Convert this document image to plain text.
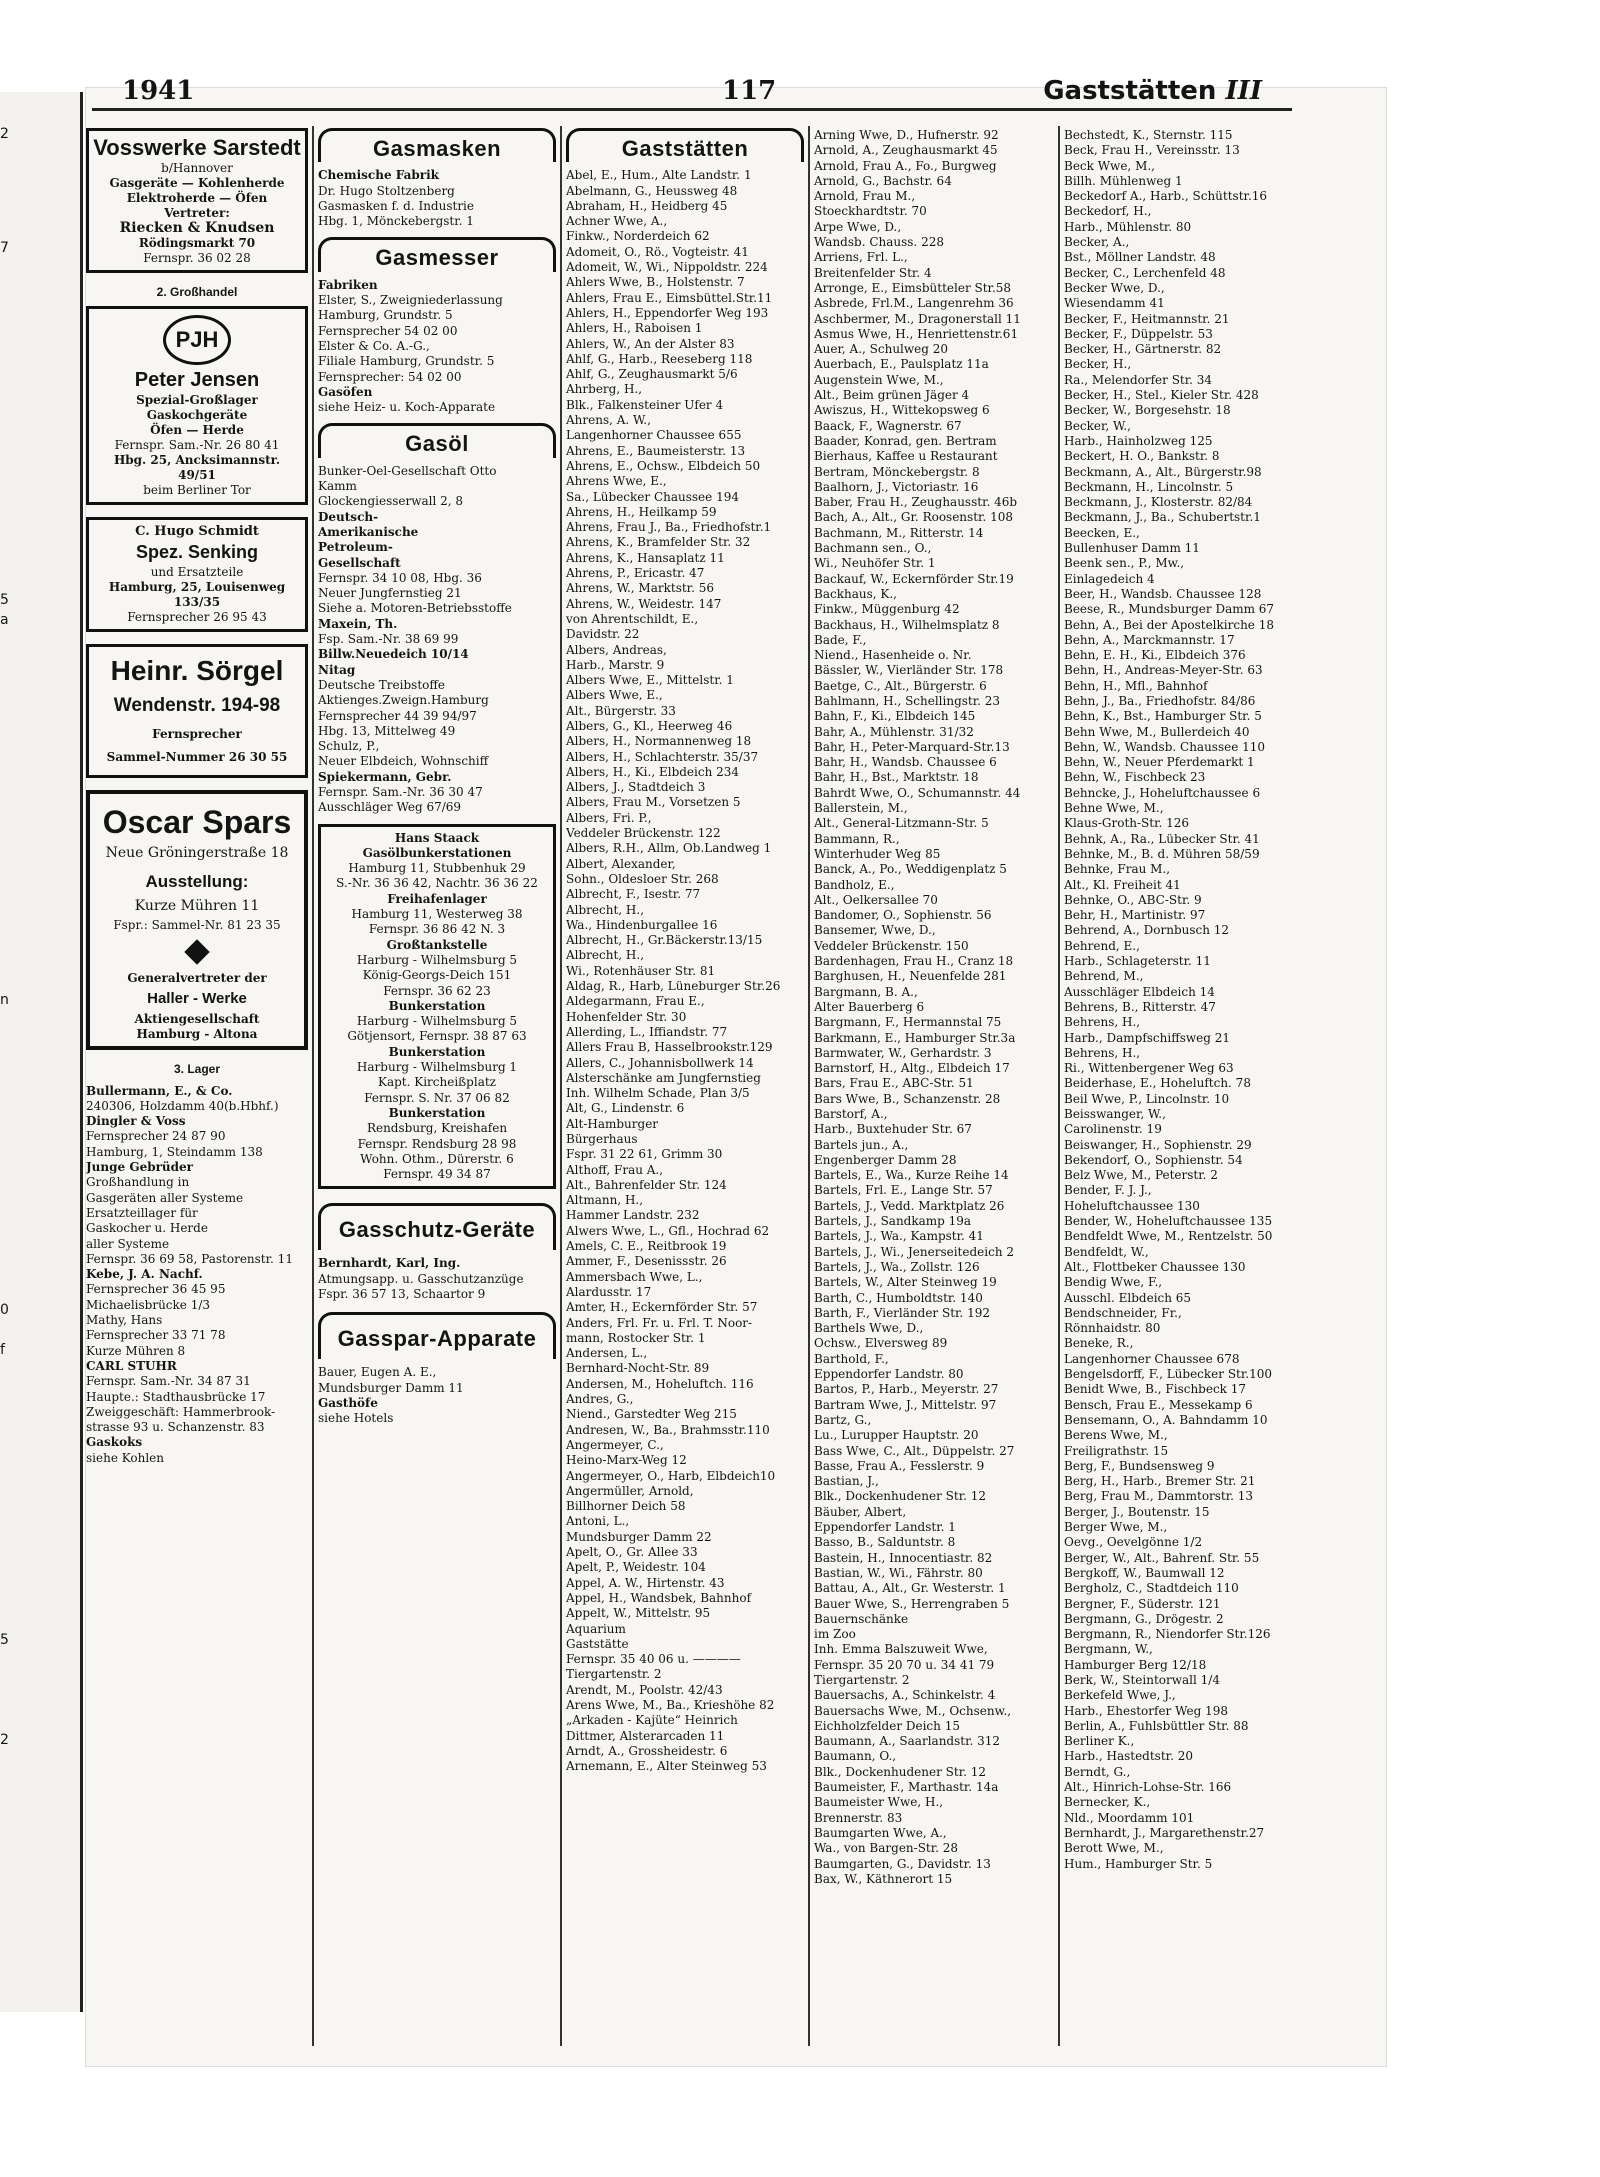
2
7
5
a
n
0
f
5
2
1941	117	Gaststätten III
Vosswerke Sarstedt
b/Hannover
Gasgeräte — Kohlenherde
Elektroherde — Öfen
Vertreter:
Riecken & Knudsen
Rödingsmarkt 70
Fernspr. 36 02 28
2. Großhandel
PJH
Peter Jensen
Spezial-Großlager
Gaskochgeräte
Öfen — Herde
Fernspr. Sam.-Nr. 26 80 41
Hbg. 25, Ancksimannstr. 49/51
beim Berliner Tor
C. Hugo Schmidt
Spez. Senking
und Ersatzteile
Hamburg, 25, Louisenweg 133/35
Fernsprecher 26 95 43
Heinr. Sörgel
Wendenstr. 194-98
Fernsprecher
Sammel-Nummer 26 30 55
Oscar Spars
Neue Gröningerstraße 18
Ausstellung:
Kurze Mühren 11
Fspr.: Sammel-Nr. 81 23 35
Generalvertreter der
Haller - Werke
Aktiengesellschaft
Hamburg - Altona
3. Lager
Bullermann, E., & Co.
240306, Holzdamm 40(b.Hbhf.)
Dingler & Voss
Fernsprecher 24 87 90
Hamburg, 1, Steindamm 138
Junge Gebrüder
Großhandlung in
Gasgeräten aller Systeme
Ersatzteillager für
Gaskocher u. Herde
aller Systeme
Fernspr. 36 69 58, Pastorenstr. 11
Kebe, J. A. Nachf.
Fernsprecher 36 45 95
Michaelisbrücke 1/3
Mathy, Hans
Fernsprecher 33 71 78
Kurze Mühren 8
CARL STUHR
Fernspr. Sam.-Nr. 34 87 31
Haupte.: Stadthausbrücke 17
Zweiggeschäft: Hammerbrook-
strasse 93 u. Schanzenstr. 83
Gaskoks
siehe Kohlen
Gasmasken
Chemische Fabrik
Dr. Hugo Stoltzenberg
Gasmasken f. d. Industrie
Hbg. 1, Mönckebergstr. 1
Gasmesser
Fabriken
Elster, S., Zweigniederlassung
Hamburg, Grundstr. 5
Fernsprecher 54 02 00
Elster & Co. A.-G.,
Filiale Hamburg, Grundstr. 5
Fernsprecher: 54 02 00
Gasöfen
siehe Heiz- u. Koch-Apparate
Gasöl
Bunker-Oel-Gesellschaft Otto
Kamm
Glockengiesserwall 2, 8
Deutsch-
Amerikanische
Petroleum-
Gesellschaft
Fernspr. 34 10 08, Hbg. 36
Neuer Jungfernstieg 21
Siehe a. Motoren-Betriebsstoffe
Maxein, Th.
Fsp. Sam.-Nr. 38 69 99
Billw.Neuedeich 10/14
Nitag
Deutsche Treibstoffe
Aktienges.Zweign.Hamburg
Fernsprecher 44 39 94/97
Hbg. 13, Mittelweg 49
Schulz, P.,
Neuer Elbdeich, Wohnschiff
Spiekermann, Gebr.
Fernspr. Sam.-Nr. 36 30 47
Ausschläger Weg 67/69
Hans Staack
Gasölbunkerstationen
Hamburg 11, Stubbenhuk 29
S.-Nr. 36 36 42, Nachtr. 36 36 22
Freihafenlager
Hamburg 11, Westerweg 38
Fernspr. 36 86 42 N. 3
Großtankstelle
Harburg - Wilhelmsburg 5
König-Georgs-Deich 151
Fernspr. 36 62 23
Bunkerstation
Harburg - Wilhelmsburg 5
Götjensort, Fernspr. 38 87 63
Bunkerstation
Harburg - Wilhelmsburg 1
Kapt. Kircheißplatz
Fernspr. S. Nr. 37 06 82
Bunkerstation
Rendsburg, Kreishafen
Fernspr. Rendsburg 28 98
Wohn. Othm., Dürerstr. 6
Fernspr. 49 34 87
Gasschutz-Geräte
Bernhardt, Karl, Ing.
Atmungsapp. u. Gasschutzanzüge
Fspr. 36 57 13, Schaartor 9
Gasspar-Apparate
Bauer, Eugen A. E.,
Mundsburger Damm 11
Gasthöfe
siehe Hotels
Gaststätten
Abel, E., Hum., Alte Landstr. 1
Abelmann, G., Heussweg 48
Abraham, H., Heidberg 45
Achner Wwe, A.,
Finkw., Norderdeich 62
Adomeit, O., Rö., Vogteistr. 41
Adomeit, W., Wi., Nippoldstr. 224
Ahlers Wwe, B., Holstenstr. 7
Ahlers, Frau E., Eimsbüttel.Str.11
Ahlers, H., Eppendorfer Weg 193
Ahlers, H., Raboisen 1
Ahlers, W., An der Alster 83
Ahlf, G., Harb., Reeseberg 118
Ahlf, G., Zeughausmarkt 5/6
Ahrberg, H.,
Blk., Falkensteiner Ufer 4
Ahrens, A. W.,
Langenhorner Chaussee 655
Ahrens, E., Baumeisterstr. 13
Ahrens, E., Ochsw., Elbdeich 50
Ahrens Wwe, E.,
Sa., Lübecker Chaussee 194
Ahrens, H., Heilkamp 59
Ahrens, Frau J., Ba., Friedhofstr.1
Ahrens, K., Bramfelder Str. 32
Ahrens, K., Hansaplatz 11
Ahrens, P., Ericastr. 47
Ahrens, W., Marktstr. 56
Ahrens, W., Weidestr. 147
von Ahrentschildt, E.,
Davidstr. 22
Albers, Andreas,
Harb., Marstr. 9
Albers Wwe, E., Mittelstr. 1
Albers Wwe, E.,
Alt., Bürgerstr. 33
Albers, G., Kl., Heerweg 46
Albers, H., Normannenweg 18
Albers, H., Schlachterstr. 35/37
Albers, H., Ki., Elbdeich 234
Albers, J., Stadtdeich 3
Albers, Frau M., Vorsetzen 5
Albers, Fri. P.,
Veddeler Brückenstr. 122
Albers, R.H., Allm, Ob.Landweg 1
Albert, Alexander,
Sohn., Oldesloer Str. 268
Albrecht, F., Isestr. 77
Albrecht, H.,
Wa., Hindenburgallee 16
Albrecht, H., Gr.Bäckerstr.13/15
Albrecht, H.,
Wi., Rotenhäuser Str. 81
Aldag, R., Harb, Lüneburger Str.26
Aldegarmann, Frau E.,
Hohenfelder Str. 30
Allerding, L., Iffiandstr. 77
Allers Frau B, Hasselbrookstr.129
Allers, C., Johannisbollwerk 14
Alsterschänke am Jungfernstieg
Inh. Wilhelm Schade, Plan 3/5
Alt, G., Lindenstr. 6
Alt-Hamburger
Bürgerhaus
Fspr. 31 22 61, Grimm 30
Althoff, Frau A.,
Alt., Bahrenfelder Str. 124
Altmann, H.,
Hammer Landstr. 232
Alwers Wwe, L., Gfl., Hochrad 62
Amels, C. E., Reitbrook 19
Ammer, F., Desenissstr. 26
Ammersbach Wwe, L.,
Alardusstr. 17
Amter, H., Eckernförder Str. 57
Anders, Frl. Fr. u. Frl. T. Noor-
mann, Rostocker Str. 1
Andersen, L.,
Bernhard-Nocht-Str. 89
Andersen, M., Hoheluftch. 116
Andres, G.,
Niend., Garstedter Weg 215
Andresen, W., Ba., Brahmsstr.110
Angermeyer, C.,
Heino-Marx-Weg 12
Angermeyer, O., Harb, Elbdeich10
Angermüller, Arnold,
Billhorner Deich 58
Antoni, L.,
Mundsburger Damm 22
Apelt, O., Gr. Allee 33
Apelt, P., Weidestr. 104
Appel, A. W., Hirtenstr. 43
Appel, H., Wandsbek, Bahnhof
Appelt, W., Mittelstr. 95
Aquarium
Gaststätte
Fernspr. 35 40 06 u. ————
Tiergartenstr. 2
Arendt, M., Poolstr. 42/43
Arens Wwe, M., Ba., Krieshöhe 82
„Arkaden - Kajüte“ Heinrich
Dittmer, Alsterarcaden 11
Arndt, A., Grossheidestr. 6
Arnemann, E., Alter Steinweg 53
Arning Wwe, D., Hufnerstr. 92
Arnold, A., Zeughausmarkt 45
Arnold, Frau A., Fo., Burgweg
Arnold, G., Bachstr. 64
Arnold, Frau M.,
Stoeckhardtstr. 70
Arpe Wwe, D.,
Wandsb. Chauss. 228
Arriens, Frl. L.,
Breitenfelder Str. 4
Arronge, E., Eimsbütteler Str.58
Asbrede, Frl.M., Langenrehm 36
Aschbermer, M., Dragonerstall 11
Asmus Wwe, H., Henriettenstr.61
Auer, A., Schulweg 20
Auerbach, E., Paulsplatz 11a
Augenstein Wwe, M.,
Alt., Beim grünen Jäger 4
Awiszus, H., Wittekopsweg 6
Baack, F., Wagnerstr. 67
Baader, Konrad, gen. Bertram
Bierhaus, Kaffee u Restaurant
Bertram, Mönckebergstr. 8
Baalhorn, J., Victoriastr. 16
Baber, Frau H., Zeughausstr. 46b
Bach, A., Alt., Gr. Roosenstr. 108
Bachmann, M., Ritterstr. 14
Bachmann sen., O.,
Wi., Neuhöfer Str. 1
Backauf, W., Eckernförder Str.19
Backhaus, K.,
Finkw., Müggenburg 42
Backhaus, H., Wilhelmsplatz 8
Bade, F.,
Niend., Hasenheide o. Nr.
Bässler, W., Vierländer Str. 178
Baetge, C., Alt., Bürgerstr. 6
Bahlmann, H., Schellingstr. 23
Bahn, F., Ki., Elbdeich 145
Bahr, A., Mühlenstr. 31/32
Bahr, H., Peter-Marquard-Str.13
Bahr, H., Wandsb. Chaussee 6
Bahr, H., Bst., Marktstr. 18
Bahrdt Wwe, O., Schumannstr. 44
Ballerstein, M.,
Alt., General-Litzmann-Str. 5
Bammann, R.,
Winterhuder Weg 85
Banck, A., Po., Weddigenplatz 5
Bandholz, E.,
Alt., Oelkersallee 70
Bandomer, O., Sophienstr. 56
Bansemer, Wwe, D.,
Veddeler Brückenstr. 150
Bardenhagen, Frau H., Cranz 18
Barghusen, H., Neuenfelde 281
Bargmann, B. A.,
Alter Bauerberg 6
Bargmann, F., Hermannstal 75
Barkmann, E., Hamburger Str.3a
Barmwater, W., Gerhardstr. 3
Barnstorf, H., Altg., Elbdeich 17
Bars, Frau E., ABC-Str. 51
Bars Wwe, B., Schanzenstr. 28
Barstorf, A.,
Harb., Buxtehuder Str. 67
Bartels jun., A.,
Engenberger Damm 28
Bartels, E., Wa., Kurze Reihe 14
Bartels, Frl. E., Lange Str. 57
Bartels, J., Vedd. Marktplatz 26
Bartels, J., Sandkamp 19a
Bartels, J., Wa., Kampstr. 41
Bartels, J., Wi., Jenerseitedeich 2
Bartels, J., Wa., Zollstr. 126
Bartels, W., Alter Steinweg 19
Barth, C., Humboldtstr. 140
Barth, F., Vierländer Str. 192
Barthels Wwe, D.,
Ochsw., Elversweg 89
Barthold, F.,
Eppendorfer Landstr. 80
Bartos, P., Harb., Meyerstr. 27
Bartram Wwe, J., Mittelstr. 97
Bartz, G.,
Lu., Lurupper Hauptstr. 20
Bass Wwe, C., Alt., Düppelstr. 27
Basse, Frau A., Fesslerstr. 9
Bastian, J.,
Blk., Dockenhudener Str. 12
Bäuber, Albert,
Eppendorfer Landstr. 1
Basso, B., Salduntstr. 8
Bastein, H., Innocentiastr. 82
Bastian, W., Wi., Fährstr. 80
Battau, A., Alt., Gr. Westerstr. 1
Bauer Wwe, S., Herrengraben 5
Bauernschänke
im Zoo
Inh. Emma Balszuweit Wwe,
Fernspr. 35 20 70 u. 34 41 79
Tiergartenstr. 2
Bauersachs, A., Schinkelstr. 4
Bauersachs Wwe, M., Ochsenw.,
Eichholzfelder Deich 15
Baumann, A., Saarlandstr. 312
Baumann, O.,
Blk., Dockenhudener Str. 12
Baumeister, F., Marthastr. 14a
Baumeister Wwe, H.,
Brennerstr. 83
Baumgarten Wwe, A.,
Wa., von Bargen-Str. 28
Baumgarten, G., Davidstr. 13
Bax, W., Käthnerort 15
Bechstedt, K., Sternstr. 115
Beck, Frau H., Vereinsstr. 13
Beck Wwe, M.,
Billh. Mühlenweg 1
Beckedorf A., Harb., Schüttstr.16
Beckedorf, H.,
Harb., Mühlenstr. 80
Becker, A.,
Bst., Möllner Landstr. 48
Becker, C., Lerchenfeld 48
Becker Wwe, D.,
Wiesendamm 41
Becker, F., Heitmannstr. 21
Becker, F., Düppelstr. 53
Becker, H., Gärtnerstr. 82
Becker, H.,
Ra., Melendorfer Str. 34
Becker, H., Stel., Kieler Str. 428
Becker, W., Borgesehstr. 18
Becker, W.,
Harb., Hainholzweg 125
Beckert, H. O., Bankstr. 8
Beckmann, A., Alt., Bürgerstr.98
Beckmann, H., Lincolnstr. 5
Beckmann, J., Klosterstr. 82/84
Beckmann, J., Ba., Schubertstr.1
Beecken, E.,
Bullenhuser Damm 11
Beenk sen., P., Mw.,
Einlagedeich 4
Beer, H., Wandsb. Chaussee 128
Beese, R., Mundsburger Damm 67
Behn, A., Bei der Apostelkirche 18
Behn, A., Marckmannstr. 17
Behn, E. H., Ki., Elbdeich 376
Behn, H., Andreas-Meyer-Str. 63
Behn, H., Mfl., Bahnhof
Behn, J., Ba., Friedhofstr. 84/86
Behn, K., Bst., Hamburger Str. 5
Behn Wwe, M., Bullerdeich 40
Behn, W., Wandsb. Chaussee 110
Behn, W., Neuer Pferdemarkt 1
Behn, W., Fischbeck 23
Behncke, J., Hoheluftchaussee 6
Behne Wwe, M.,
Klaus-Groth-Str. 126
Behnk, A., Ra., Lübecker Str. 41
Behnke, M., B. d. Mühren 58/59
Behnke, Frau M.,
Alt., Kl. Freiheit 41
Behnke, O., ABC-Str. 9
Behr, H., Martinistr. 97
Behrend, A., Dornbusch 12
Behrend, E.,
Harb., Schlageterstr. 11
Behrend, M.,
Ausschläger Elbdeich 14
Behrens, B., Ritterstr. 47
Behrens, H.,
Harb., Dampfschiffsweg 21
Behrens, H.,
Ri., Wittenbergener Weg 63
Beiderhase, E., Hoheluftch. 78
Beil Wwe, P., Lincolnstr. 10
Beisswanger, W.,
Carolinenstr. 19
Beiswanger, H., Sophienstr. 29
Bekendorf, O., Sophienstr. 54
Belz Wwe, M., Peterstr. 2
Bender, F. J. J.,
Hoheluftchaussee 130
Bender, W., Hoheluftchaussee 135
Bendfeldt Wwe, M., Rentzelstr. 50
Bendfeldt, W.,
Alt., Flottbeker Chaussee 130
Bendig Wwe, F.,
Ausschl. Elbdeich 65
Bendschneider, Fr.,
Rönnhaidstr. 80
Beneke, R.,
Langenhorner Chaussee 678
Bengelsdorff, F., Lübecker Str.100
Benidt Wwe, B., Fischbeck 17
Bensch, Frau E., Messekamp 6
Bensemann, O., A. Bahndamm 10
Berens Wwe, M.,
Freiligrathstr. 15
Berg, F., Bundsensweg 9
Berg, H., Harb., Bremer Str. 21
Berg, Frau M., Dammtorstr. 13
Berger, J., Boutenstr. 15
Berger Wwe, M.,
Oevg., Oevelgönne 1/2
Berger, W., Alt., Bahrenf. Str. 55
Bergkoff, W., Baumwall 12
Bergholz, C., Stadtdeich 110
Bergner, F., Süderstr. 121
Bergmann, G., Drögestr. 2
Bergmann, R., Niendorfer Str.126
Bergmann, W.,
Hamburger Berg 12/18
Berk, W., Steintorwall 1/4
Berkefeld Wwe, J.,
Harb., Ehestorfer Weg 198
Berlin, A., Fuhlsbüttler Str. 88
Berliner K.,
Harb., Hastedtstr. 20
Berndt, G.,
Alt., Hinrich-Lohse-Str. 166
Bernecker, K.,
Nld., Moordamm 101
Bernhardt, J., Margarethenstr.27
Berott Wwe, M.,
Hum., Hamburger Str. 5
